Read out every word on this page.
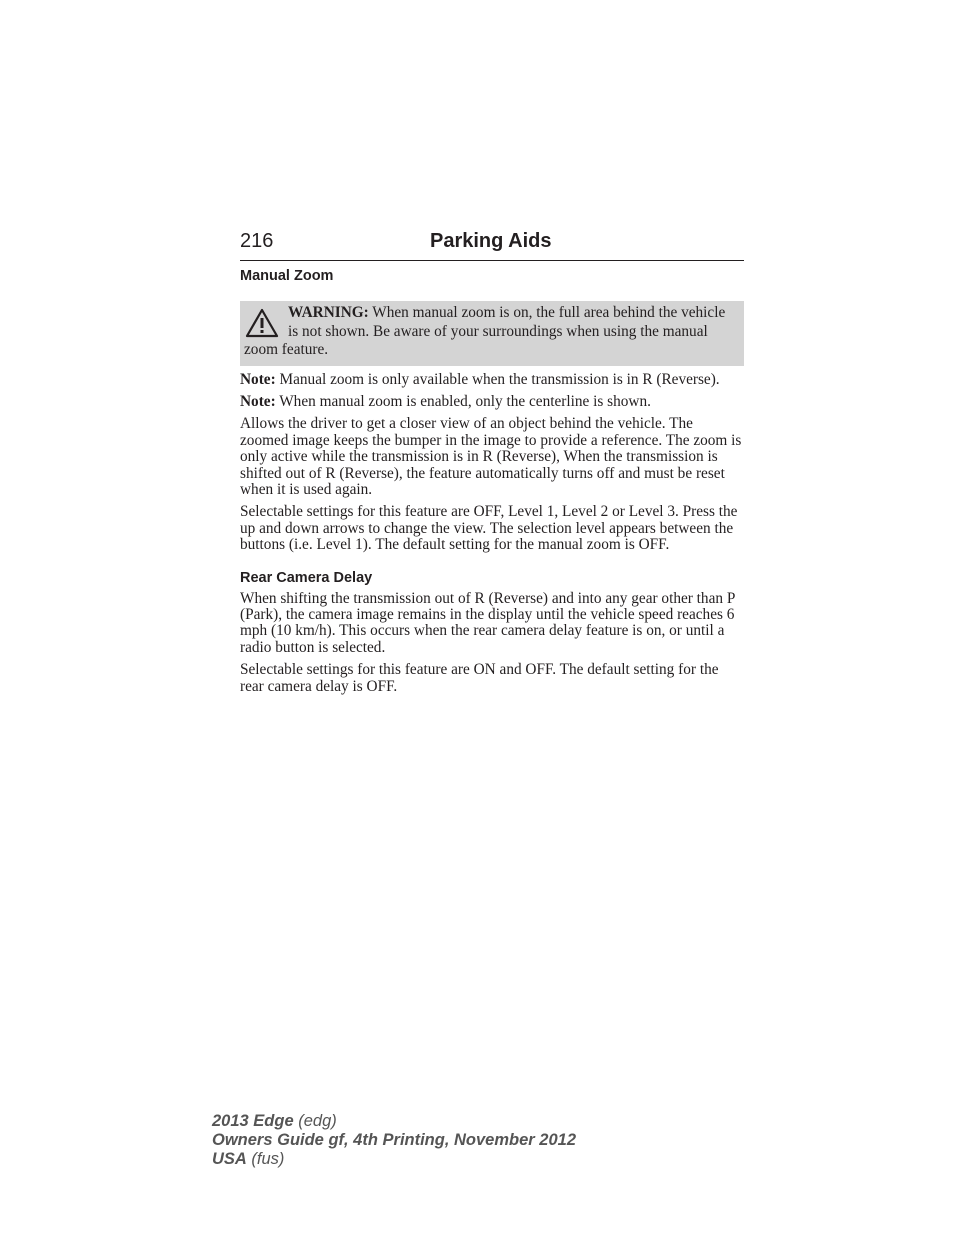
216	Parking Aids
Manual Zoom
WARNING: When manual zoom is on, the full area behind the vehicle is not shown. Be aware of your surroundings when using the manual zoom feature.

Note: Manual zoom is only available when the transmission is in R (Reverse).

Note: When manual zoom is enabled, only the centerline is shown.

Allows the driver to get a closer view of an object behind the vehicle. The zoomed image keeps the bumper in the image to provide a reference. The zoom is only active while the transmission is in R (Reverse), When the transmission is shifted out of R (Reverse), the feature automatically turns off and must be reset when it is used again.

Selectable settings for this feature are OFF, Level 1, Level 2 or Level 3. Press the up and down arrows to change the view. The selection level appears between the buttons (i.e. Level 1). The default setting for the manual zoom is OFF.

Rear Camera Delay

When shifting the transmission out of R (Reverse) and into any gear other than P (Park), the camera image remains in the display until the vehicle speed reaches 6 mph (10 km/h). This occurs when the rear camera delay feature is on, or until a radio button is selected.

Selectable settings for this feature are ON and OFF. The default setting for the rear camera delay is OFF.

2013 Edge (edg)
Owners Guide gf, 4th Printing, November 2012
USA (fus)
